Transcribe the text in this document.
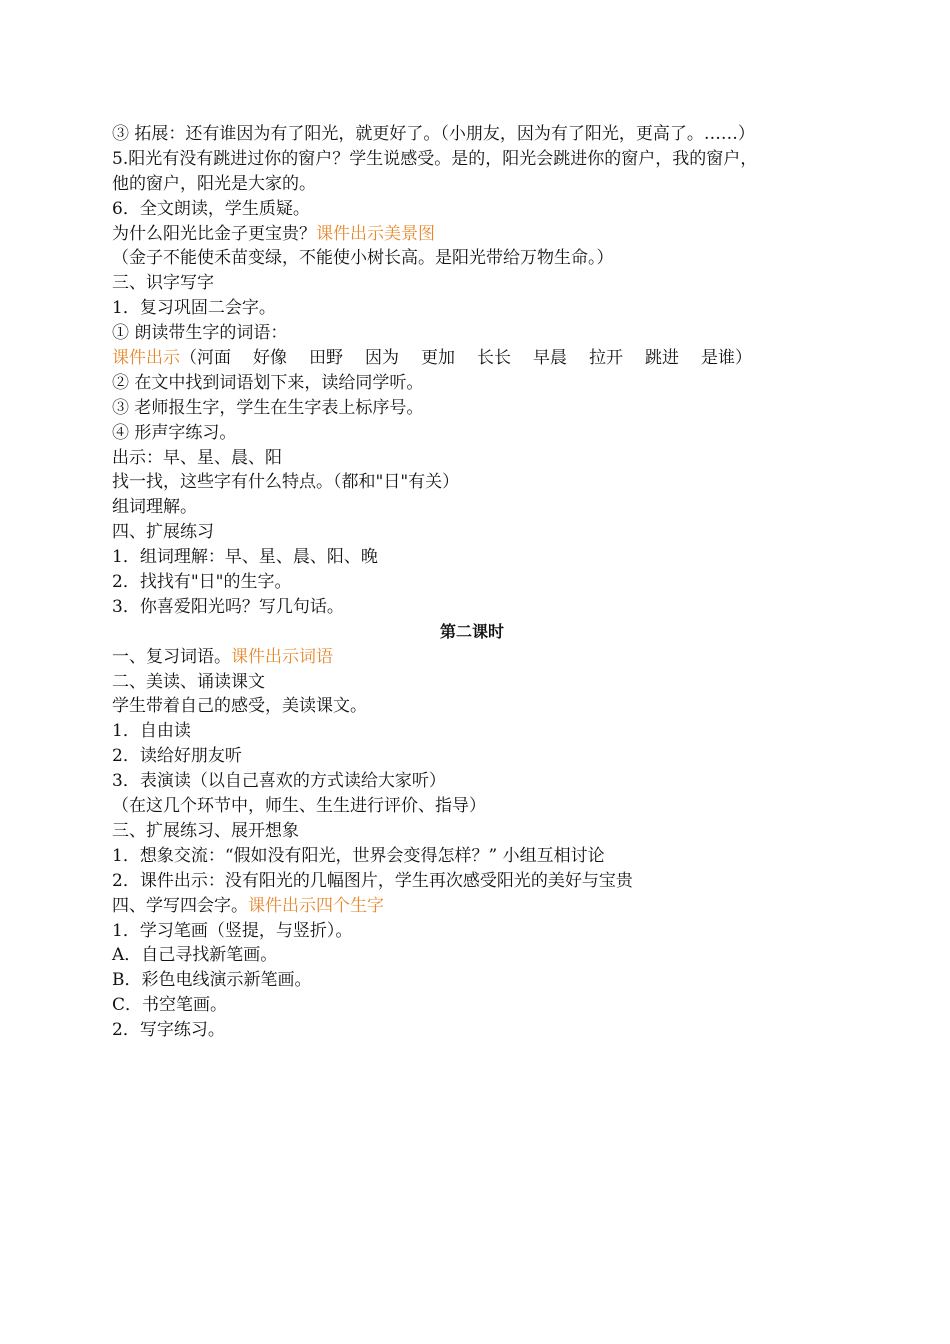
③ 拓展：还有谁因为有了阳光，就更好了。（小朋友，因为有了阳光，更高了。……）
5.阳光有没有跳进过你的窗户？学生说感受。是的，阳光会跳进你的窗户，我的窗户，
他的窗户，阳光是大家的。
6．全文朗读，学生质疑。
为什么阳光比金子更宝贵？课件出示美景图
（金子不能使禾苗变绿，不能使小树长高。是阳光带给万物生命。）
三、识字写字
1．复习巩固二会字。
① 朗读带生字的词语：
课件出示（河面 好像 田野 因为 更加 长长 早晨 拉开 跳进 是谁）
② 在文中找到词语划下来，读给同学听。
③ 老师报生字，学生在生字表上标序号。
④ 形声字练习。
出示：早、星、晨、阳
找一找，这些字有什么特点。（都和"日"有关）
组词理解。
四、扩展练习
1．组词理解：早、星、晨、阳、晚
2．找找有"日"的生字。
3．你喜爱阳光吗？写几句话。
第二课时
一、复习词语。课件出示词语
二、美读、诵读课文
学生带着自己的感受，美读课文。
1．自由读
2．读给好朋友听
3．表演读（以自己喜欢的方式读给大家听）
（在这几个环节中，师生、生生进行评价、指导）
三、扩展练习、展开想象
1．想象交流：“假如没有阳光，世界会变得怎样？” 小组互相讨论
2．课件出示：没有阳光的几幅图片，学生再次感受阳光的美好与宝贵
四、学写四会字。课件出示四个生字
1．学习笔画（竖提，与竖折）。
A．自己寻找新笔画。
B．彩色电线演示新笔画。
C．书空笔画。
2．写字练习。
